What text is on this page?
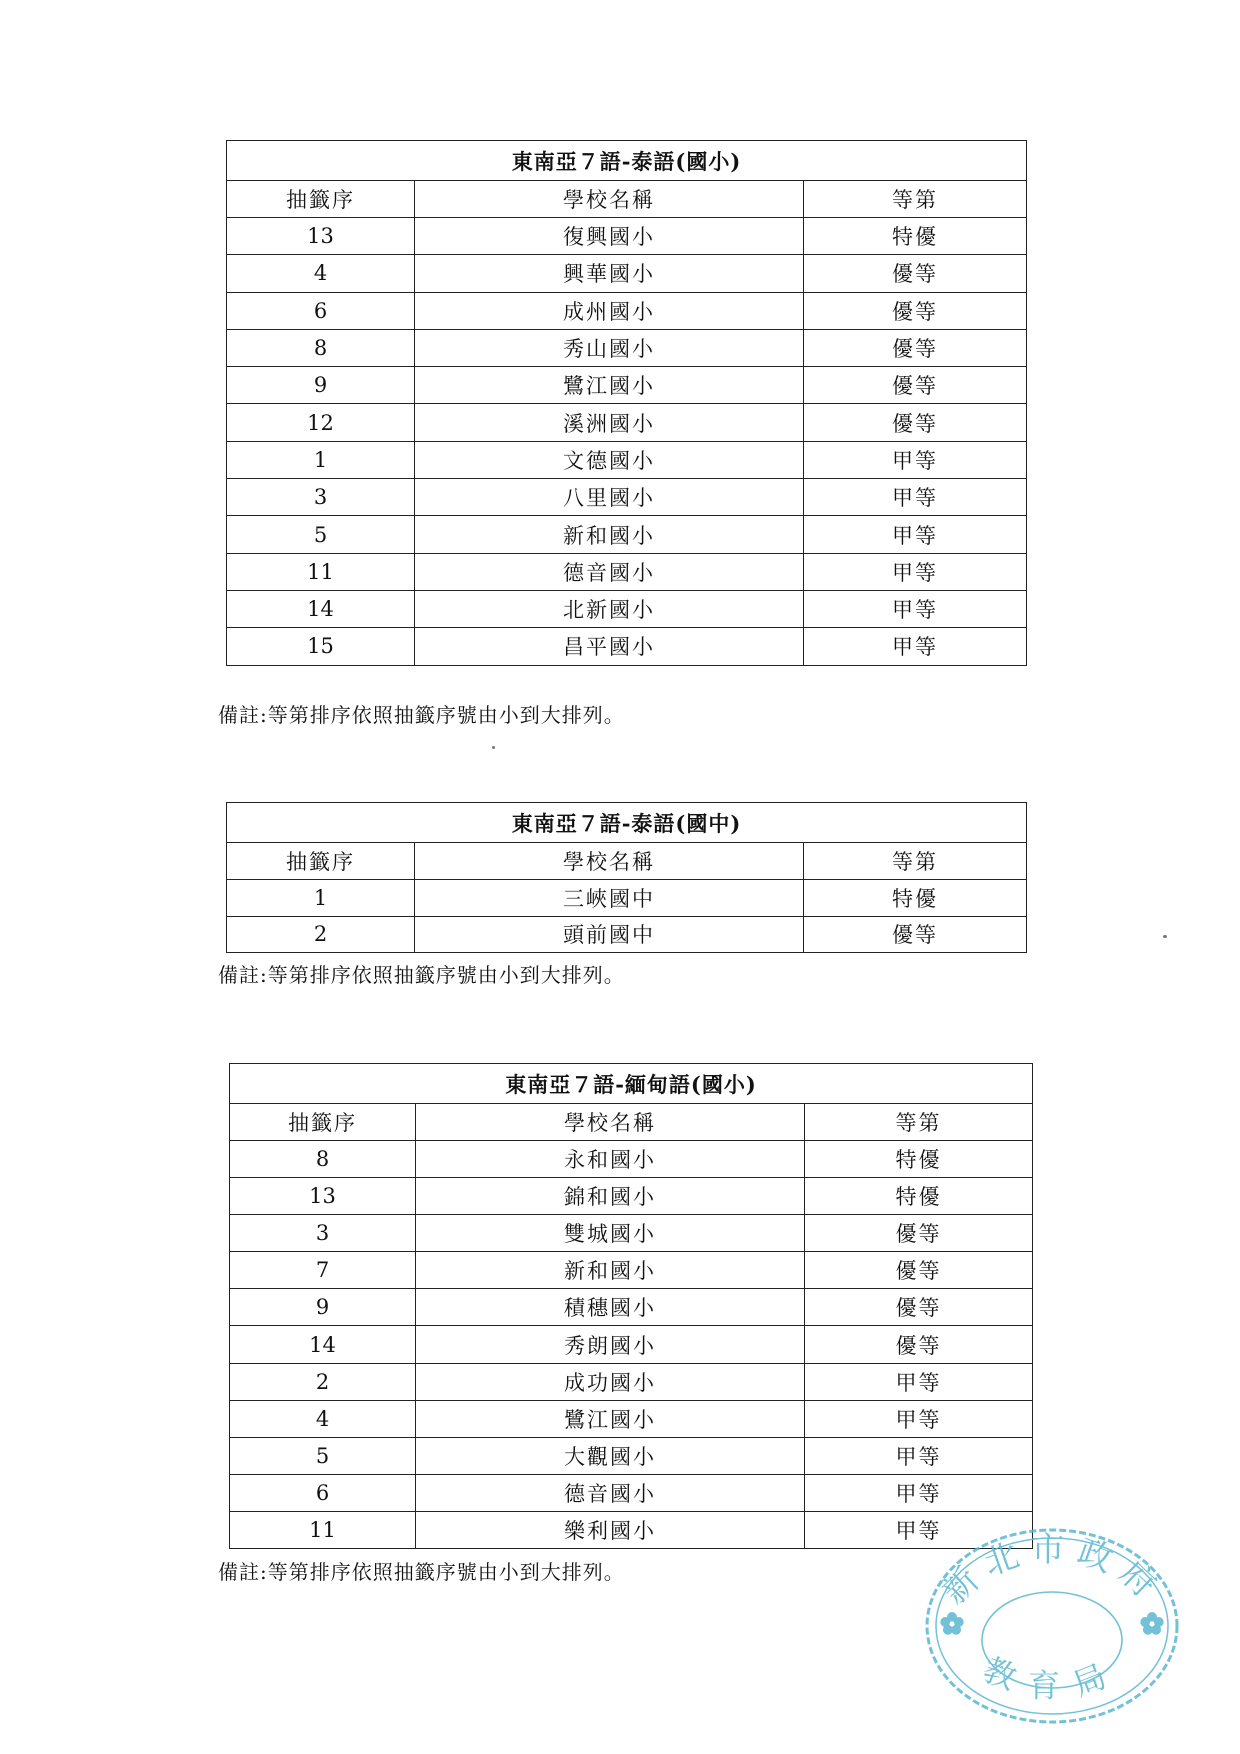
東南亞７語-泰語(國小)		
抽籤序	學校名稱	等第
13	復興國小	特優
4	興華國小	優等
6	成州國小	優等
8	秀山國小	優等
9	鷺江國小	優等
12	溪洲國小	優等
1	文德國小	甲等
3	八里國小	甲等
5	新和國小	甲等
11	德音國小	甲等
14	北新國小	甲等
15	昌平國小	甲等
備註:等第排序依照抽籤序號由小到大排列。
東南亞７語-泰語(國中)		
抽籤序	學校名稱	等第
1	三峽國中	特優
2	頭前國中	優等
備註:等第排序依照抽籤序號由小到大排列。
東南亞７語-緬甸語(國小)		
抽籤序	學校名稱	等第
8	永和國小	特優
13	錦和國小	特優
3	雙城國小	優等
7	新和國小	優等
9	積穗國小	優等
14	秀朗國小	優等
2	成功國小	甲等
4	鷺江國小	甲等
5	大觀國小	甲等
6	德音國小	甲等
11	樂利國小	甲等
備註:等第排序依照抽籤序號由小到大排列。	新北市政府
教育局
